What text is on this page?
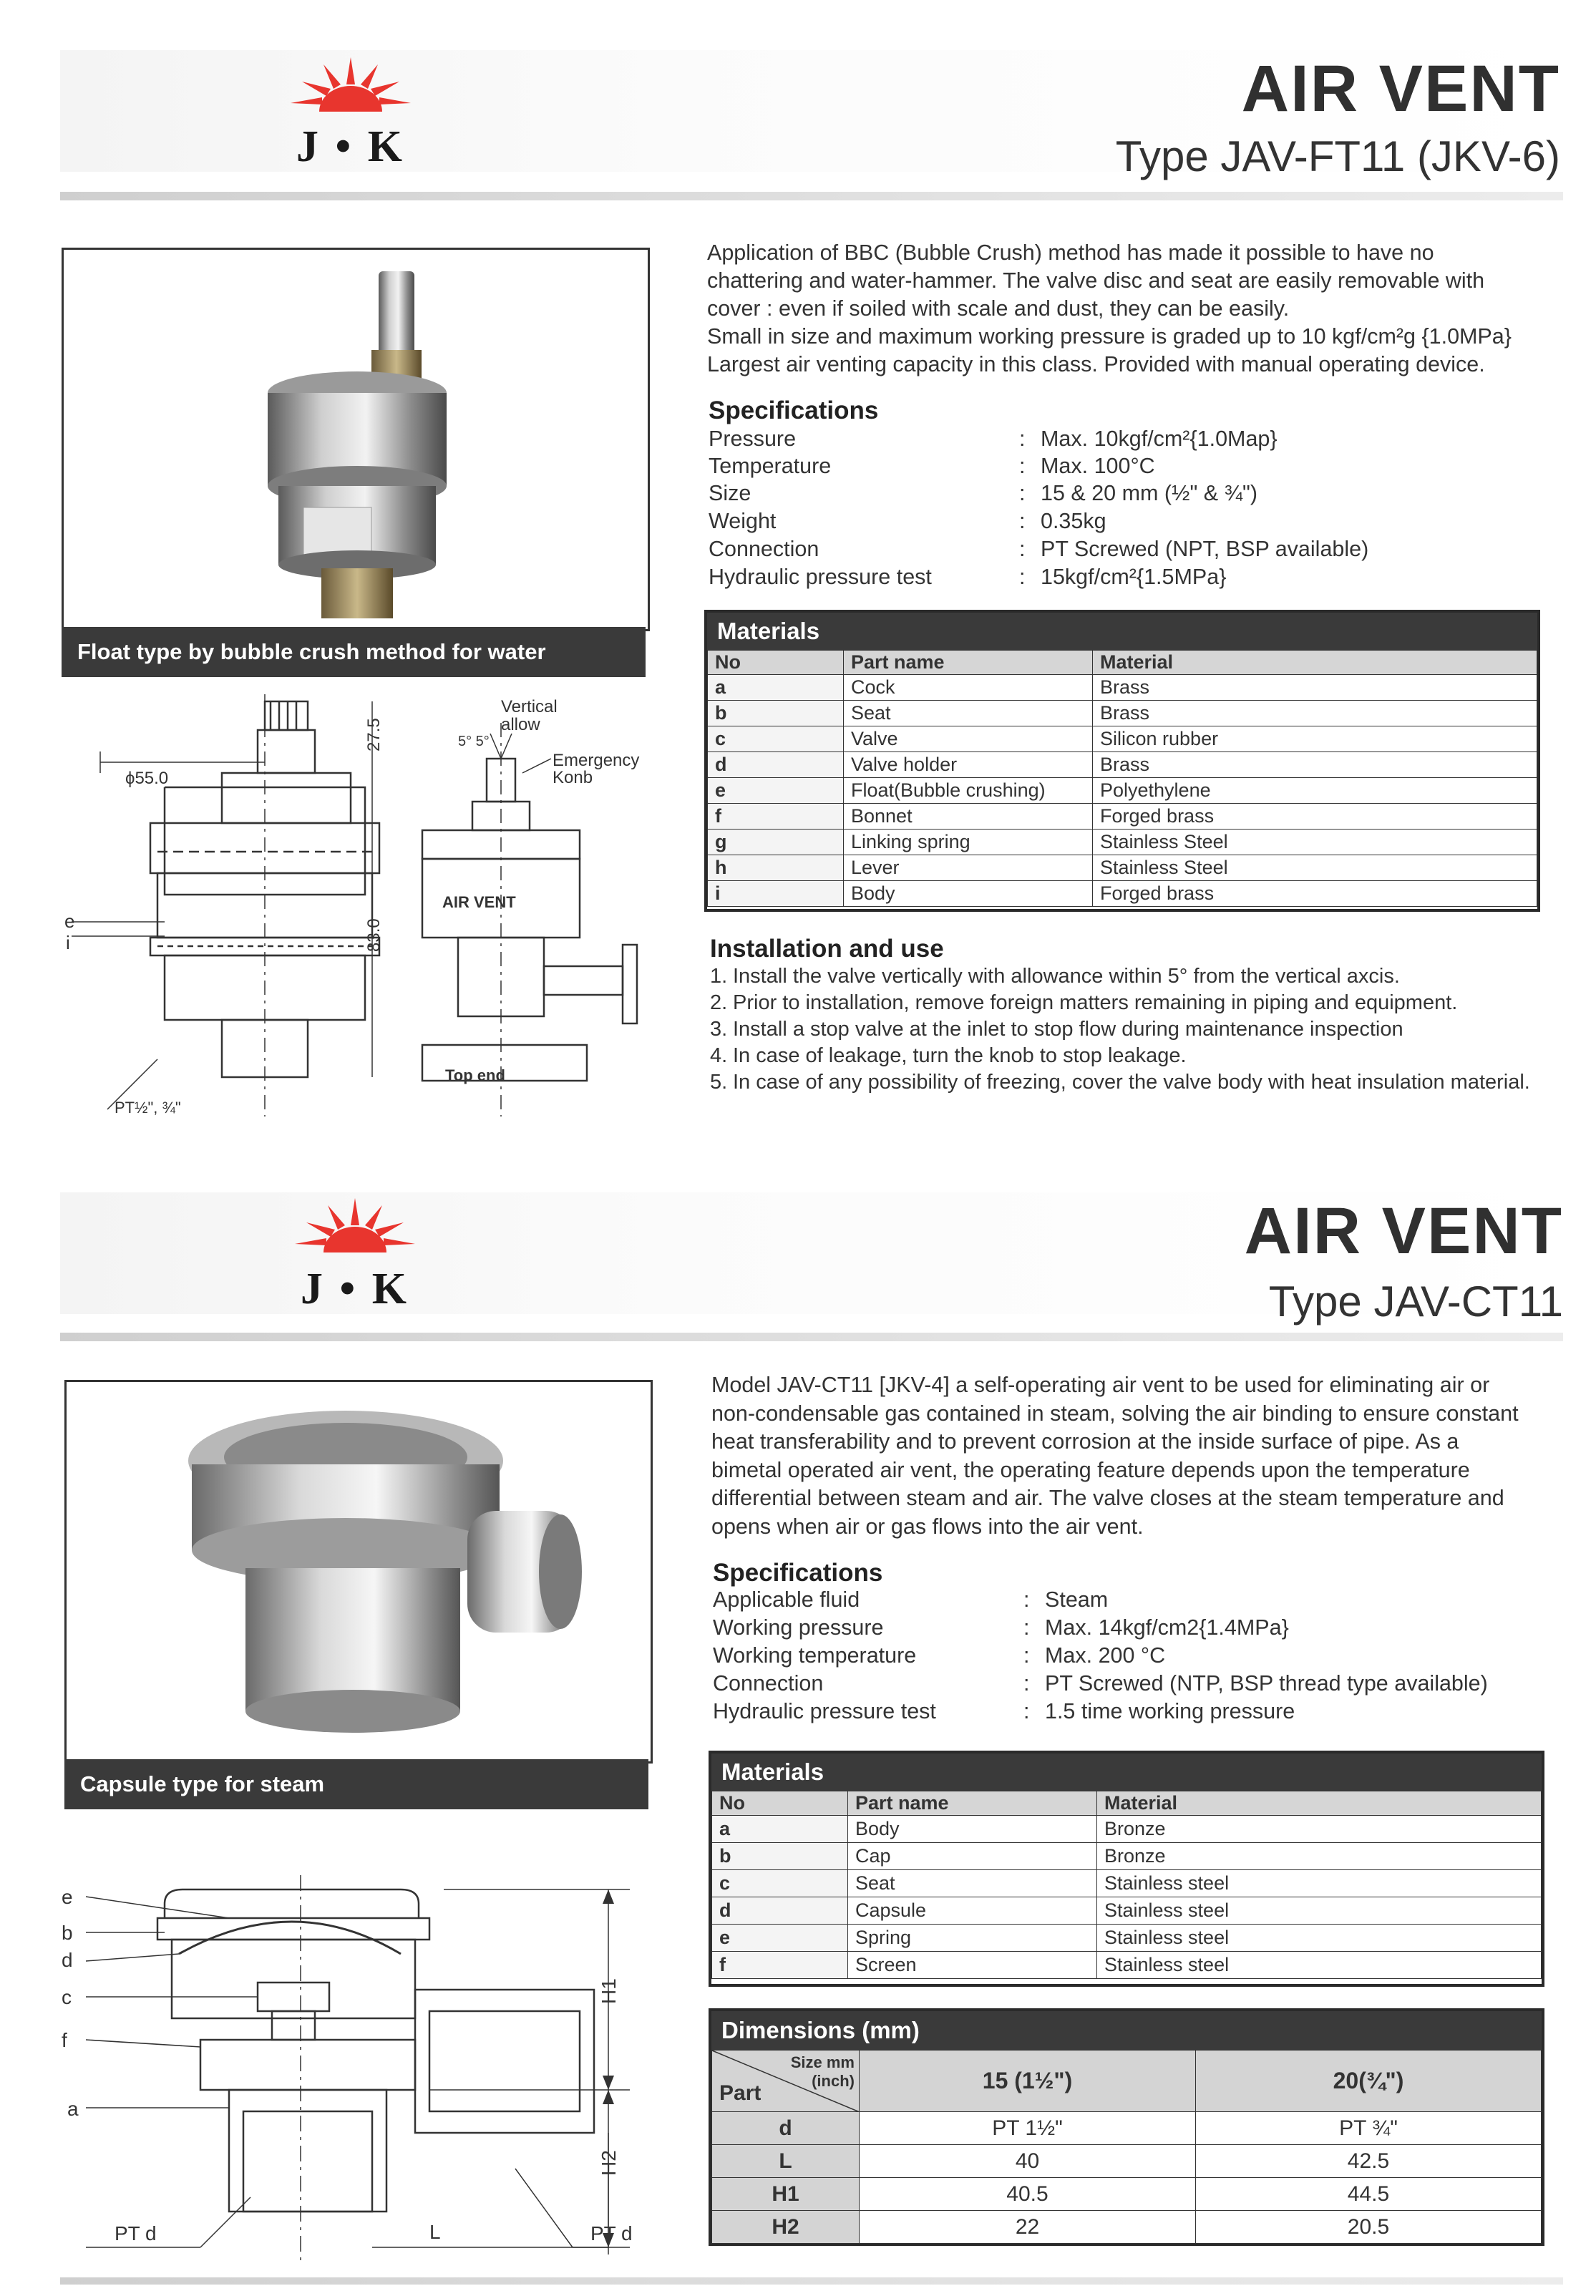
J • K
AIR VENT
Type JAV-FT11 (JKV-6)
Float type by bubble crush method for water
ϕ55.0
27.5
83.0
e
i
PT½", ¾"
Vertical
allow
5° 5°
Emergency
Konb
AIR VENT
Top end

Application of BBC (Bubble Crush) method has made it possible to have no

chattering and water-hammer. The valve disc and seat are easily removable with

cover : even if soiled with scale and dust, they can be easily.

Small in size and maximum working pressure is graded up to 10 kgf/cm²g {1.0MPa}

Largest air venting capacity in this class. Provided with manual operating device.

Specifications
Pressure	: Max. 10kgf/cm²{1.0Map}
Temperature	: Max. 100°C
Size	: 15 & 20 mm (½" & ¾")
Weight	: 0.35kg
Connection	: PT Screwed (NPT, BSP available)
Hydraulic pressure test	: 15kgf/cm²{1.5MPa}
Materials
No	Part name	Material
a	Cock	Brass
b	Seat	Brass
c	Valve	Silicon rubber
d	Valve holder	Brass
e	Float(Bubble crushing)	Polyethylene
f	Bonnet	Forged brass
g	Linking spring	Stainless Steel
h	Lever	Stainless Steel
i	Body	Forged brass
Installation and use
1. Install the valve vertically with allowance within 5° from the vertical axcis.
2. Prior to installation, remove foreign matters remaining in piping and equipment.
3. Install a stop valve at the inlet to stop flow during maintenance inspection
4. In case of leakage, turn the knob to stop leakage.
5. In case of any possibility of freezing, cover the valve body with heat insulation material.
J • K
AIR VENT
Type JAV-CT11
Capsule type for steam
e
b
d
c
f
a
H1
H2
L
PT d	PT d

Model JAV-CT11 [JKV-4] a self-operating air vent to be used for eliminating air or

non-condensable gas contained in steam, solving the air binding to ensure constant

heat transferability and to prevent corrosion at the inside surface of pipe. As a

bimetal operated air vent, the operating feature depends upon the temperature

differential between steam and air. The valve closes at the steam temperature and

opens when air or gas flows into the air vent.

Specifications
Applicable fluid	: Steam
Working pressure	: Max. 14kgf/cm2{1.4MPa}
Working temperature	: Max. 200 °C
Connection	: PT Screwed (NTP, BSP thread type available)
Hydraulic pressure test	: 1.5 time working pressure
Materials
No	Part name	Material
a	Body	Bronze
b	Cap	Bronze
c	Seat	Stainless steel
d	Capsule	Stainless steel
e	Spring	Stainless steel
f	Screen	Stainless steel
Dimensions (mm)
Size mm
(inch)
Part	15 (1½")	20(¾")
d	PT 1½"	PT ¾"
L	40	42.5
H1	40.5	44.5
H2	22	20.5
